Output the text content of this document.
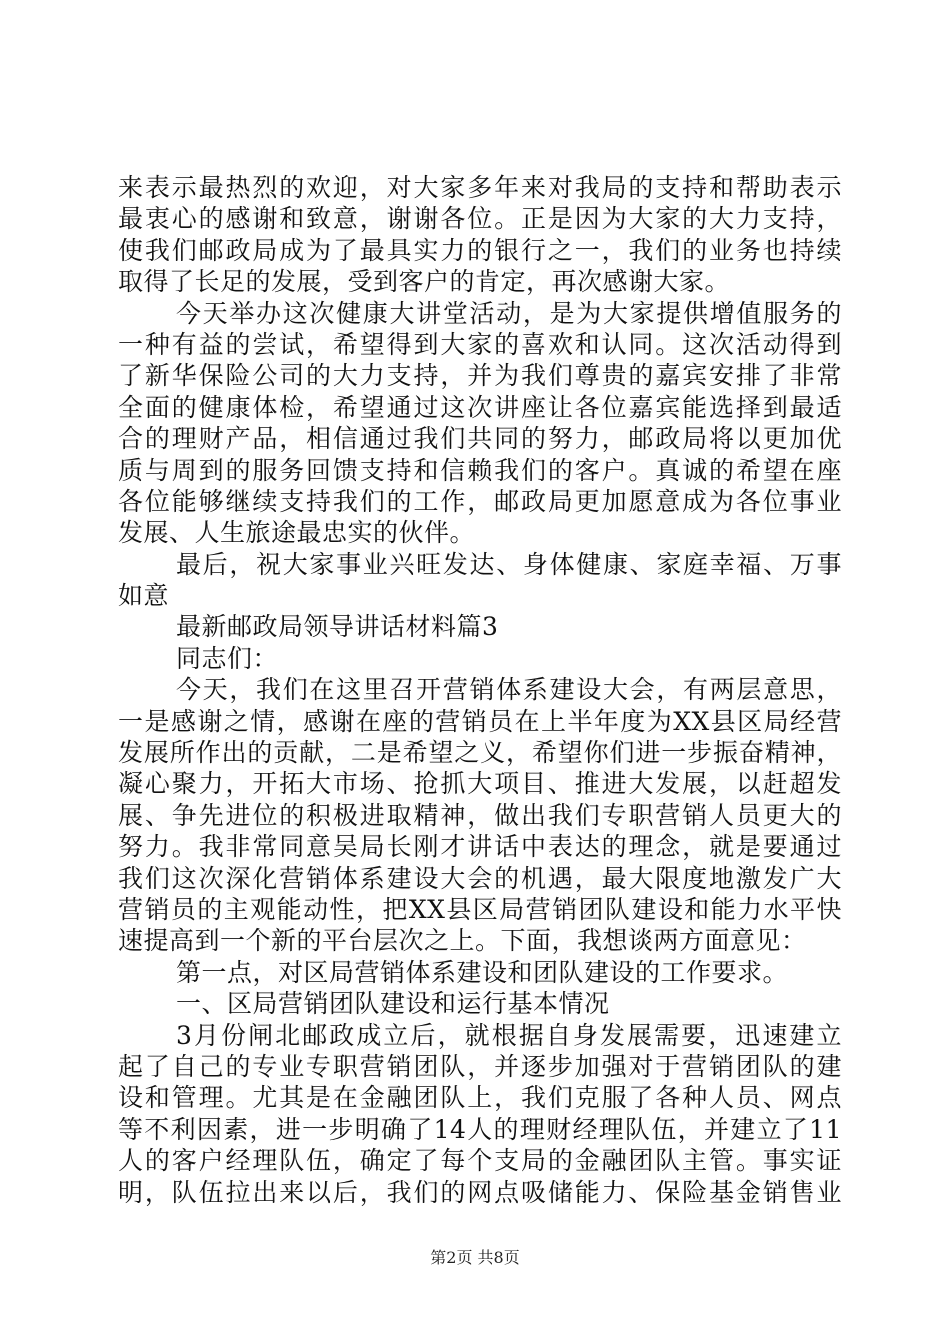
来表示最热烈的欢迎，对大家多年来对我局的支持和帮助表示
最衷心的感谢和致意，谢谢各位。正是因为大家的大力支持，
使我们邮政局成为了最具实力的银行之一，我们的业务也持续
取得了长足的发展，受到客户的肯定，再次感谢大家。
今天举办这次健康大讲堂活动，是为大家提供增值服务的
一种有益的尝试，希望得到大家的喜欢和认同。这次活动得到
了新华保险公司的大力支持，并为我们尊贵的嘉宾安排了非常
全面的健康体检，希望通过这次讲座让各位嘉宾能选择到最适
合的理财产品，相信通过我们共同的努力，邮政局将以更加优
质与周到的服务回馈支持和信赖我们的客户。真诚的希望在座
各位能够继续支持我们的工作，邮政局更加愿意成为各位事业
发展、人生旅途最忠实的伙伴。
最后，祝大家事业兴旺发达、身体健康、家庭幸福、万事
如意
最新邮政局领导讲话材料篇3
同志们：
今天，我们在这里召开营销体系建设大会，有两层意思，
一是感谢之情，感谢在座的营销员在上半年度为XX县区局经营
发展所作出的贡献，二是希望之义，希望你们进一步振奋精神，
凝心聚力，开拓大市场、抢抓大项目、推进大发展，以赶超发
展、争先进位的积极进取精神，做出我们专职营销人员更大的
努力。我非常同意吴局长刚才讲话中表达的理念，就是要通过
我们这次深化营销体系建设大会的机遇，最大限度地激发广大
营销员的主观能动性，把XX县区局营销团队建设和能力水平快
速提高到一个新的平台层次之上。下面，我想谈两方面意见：
第一点，对区局营销体系建设和团队建设的工作要求。
一、区局营销团队建设和运行基本情况
3月份闸北邮政成立后，就根据自身发展需要，迅速建立
起了自己的专业专职营销团队，并逐步加强对于营销团队的建
设和管理。尤其是在金融团队上，我们克服了各种人员、网点
等不利因素，进一步明确了14人的理财经理队伍，并建立了11
人的客户经理队伍，确定了每个支局的金融团队主管。事实证
明，队伍拉出来以后，我们的网点吸储能力、保险基金销售业
第2页 共8页
